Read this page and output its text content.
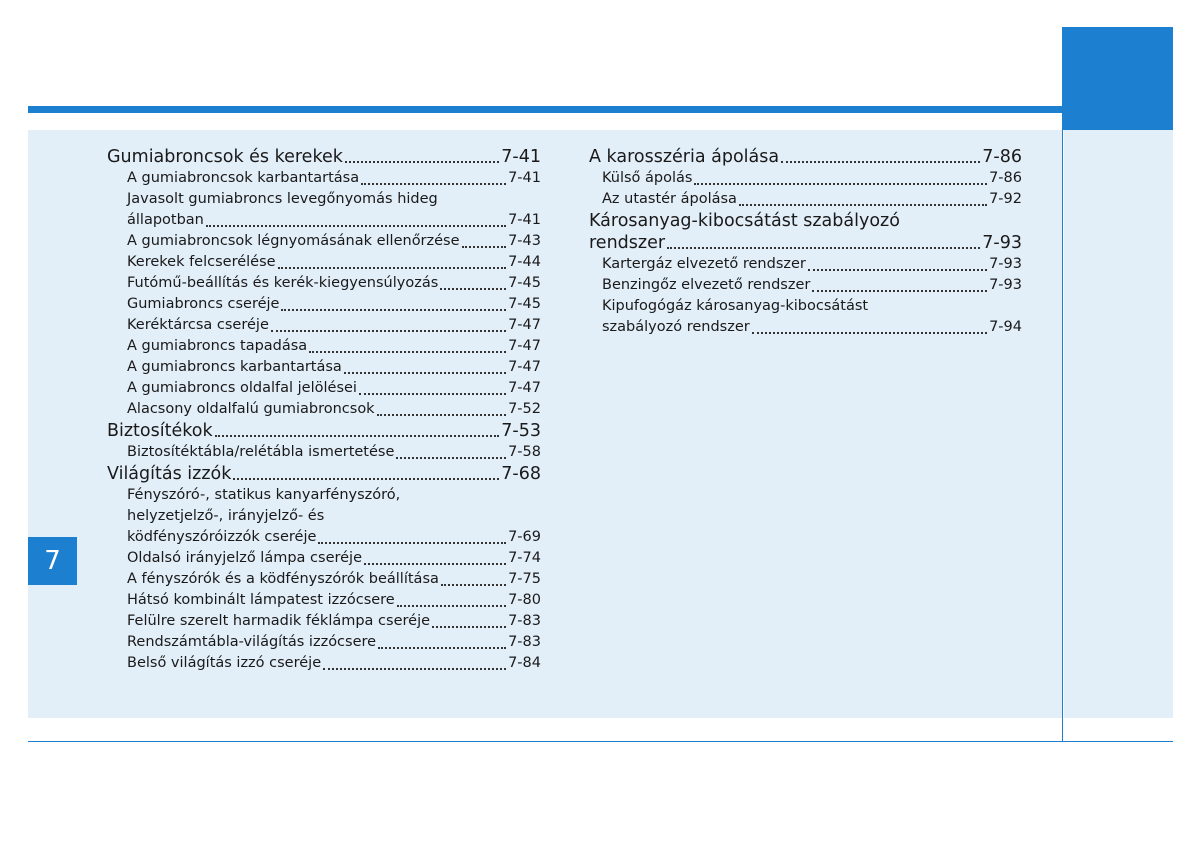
7
Gumiabroncsok és kerekek	7-41
A gumiabroncsok karbantartása	7-41
Javasolt gumiabroncs levegőnyomás hideg
állapotban	7-41
A gumiabroncsok légnyomásának ellenőrzése	7-43
Kerekek felcserélése	7-44
Futómű-beállítás és kerék-kiegyensúlyozás	7-45
Gumiabroncs cseréje	7-45
Keréktárcsa cseréje	7-47
A gumiabroncs tapadása	7-47
A gumiabroncs karbantartása	7-47
A gumiabroncs oldalfal jelölései	7-47
Alacsony oldalfalú gumiabroncsok	7-52
Biztosítékok	7-53
Biztosítéktábla/relétábla ismertetése	7-58
Világítás izzók	7-68
Fényszóró-, statikus kanyarfényszóró,
helyzetjelző-, irányjelző- és
ködfényszóróizzók cseréje	7-69
Oldalsó irányjelző lámpa cseréje	7-74
A fényszórók és a ködfényszórók beállítása	7-75
Hátsó kombinált lámpatest izzócsere	7-80
Felülre szerelt harmadik féklámpa cseréje	7-83
Rendszámtábla-világítás izzócsere	7-83
Belső világítás izzó cseréje	7-84
A karosszéria ápolása	7-86
Külső ápolás	7-86
Az utastér ápolása	7-92
Károsanyag-kibocsátást szabályozó
rendszer	7-93
Kartergáz elvezető rendszer	7-93
Benzingőz elvezető rendszer	7-93
Kipufogógáz károsanyag-kibocsátást
szabályozó rendszer	7-94
